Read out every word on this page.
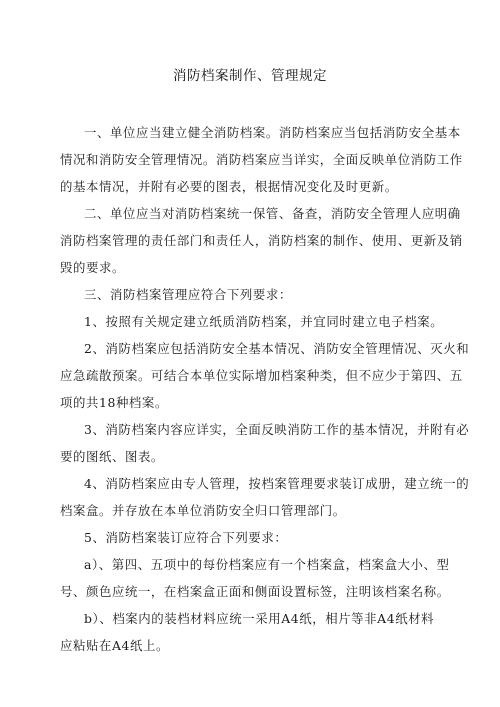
消防档案制作、管理规定
一、单位应当建立健全消防档案。消防档案应当包括消防安全基本
情况和消防安全管理情况。消防档案应当详实，全面反映单位消防工作
的基本情况，并附有必要的图表，根据情况变化及时更新。
二、单位应当对消防档案统一保管、备查，消防安全管理人应明确
消防档案管理的责任部门和责任人，消防档案的制作、使用、更新及销
毁的要求。
三、消防档案管理应符合下列要求：
1、按照有关规定建立纸质消防档案，并宜同时建立电子档案。
2、消防档案应包括消防安全基本情况、消防安全管理情况、灭火和
应急疏散预案。可结合本单位实际增加档案种类，但不应少于第四、五
项的共18种档案。
3、消防档案内容应详实，全面反映消防工作的基本情况，并附有必
要的图纸、图表。
4、消防档案应由专人管理，按档案管理要求装订成册，建立统一的
档案盒。并存放在本单位消防安全归口管理部门。
5、消防档案装订应符合下列要求：
a）、第四、五项中的每份档案应有一个档案盒，档案盒大小、型
号、颜色应统一，在档案盒正面和侧面设置标签，注明该档案名称。
b）、档案内的装档材料应统一采用A4纸，相片等非A4纸材料
应粘贴在A4纸上。
